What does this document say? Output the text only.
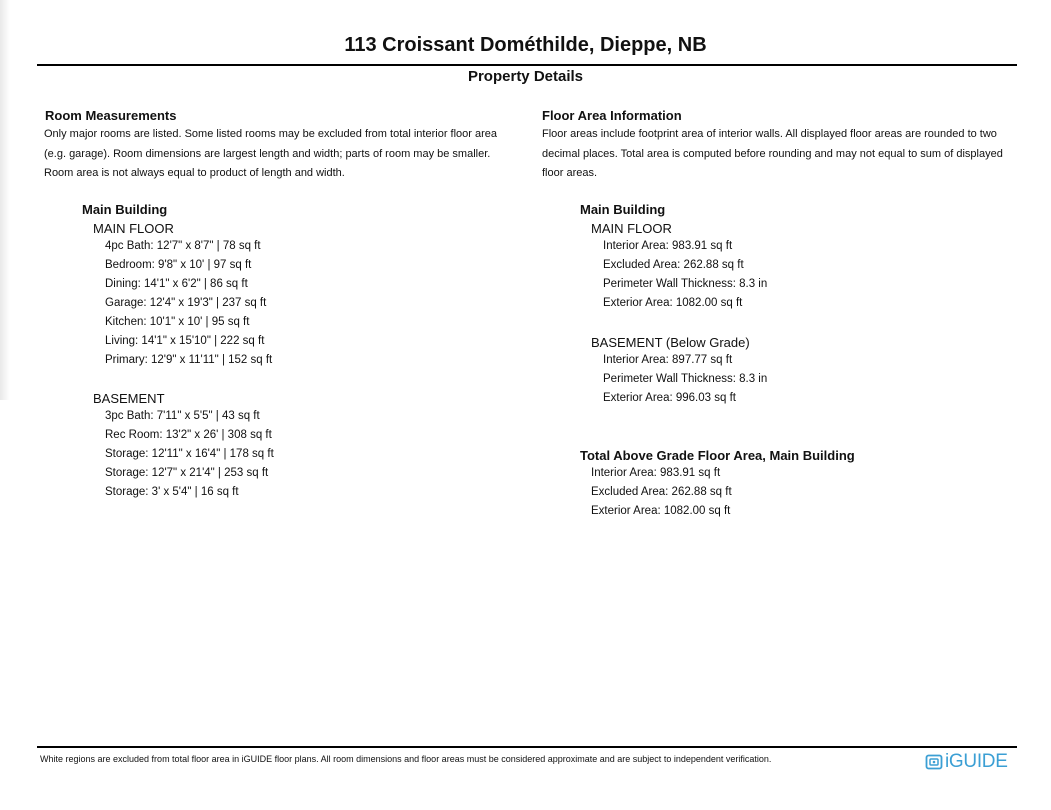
113 Croissant Dométhilde, Dieppe, NB
Property Details
Room Measurements
Only major rooms are listed. Some listed rooms may be excluded from total interior floor area
(e.g. garage). Room dimensions are largest length and width; parts of room may be smaller.
Room area is not always equal to product of length and width.
Main Building
MAIN FLOOR
4pc Bath: 12'7" x 8'7" | 78 sq ft
Bedroom: 9'8" x 10' | 97 sq ft
Dining: 14'1" x 6'2" | 86 sq ft
Garage: 12'4" x 19'3" | 237 sq ft
Kitchen: 10'1" x 10' | 95 sq ft
Living: 14'1" x 15'10" | 222 sq ft
Primary: 12'9" x 11'11" | 152 sq ft
BASEMENT
3pc Bath: 7'11" x 5'5" | 43 sq ft
Rec Room: 13'2" x 26' | 308 sq ft
Storage: 12'11" x 16'4" | 178 sq ft
Storage: 12'7" x 21'4" | 253 sq ft
Storage: 3' x 5'4" | 16 sq ft
Floor Area Information
Floor areas include footprint area of interior walls. All displayed floor areas are rounded to two
decimal places. Total area is computed before rounding and may not equal to sum of displayed
floor areas.
Main Building
MAIN FLOOR
Interior Area: 983.91 sq ft
Excluded Area: 262.88 sq ft
Perimeter Wall Thickness: 8.3 in
Exterior Area: 1082.00 sq ft
BASEMENT (Below Grade)
Interior Area: 897.77 sq ft
Perimeter Wall Thickness: 8.3 in
Exterior Area: 996.03 sq ft
Total Above Grade Floor Area, Main Building
Interior Area: 983.91 sq ft
Excluded Area: 262.88 sq ft
Exterior Area: 1082.00 sq ft
White regions are excluded from total floor area in iGUIDE floor plans. All room dimensions and floor areas must be considered approximate and are subject to independent verification.	iGUIDE
